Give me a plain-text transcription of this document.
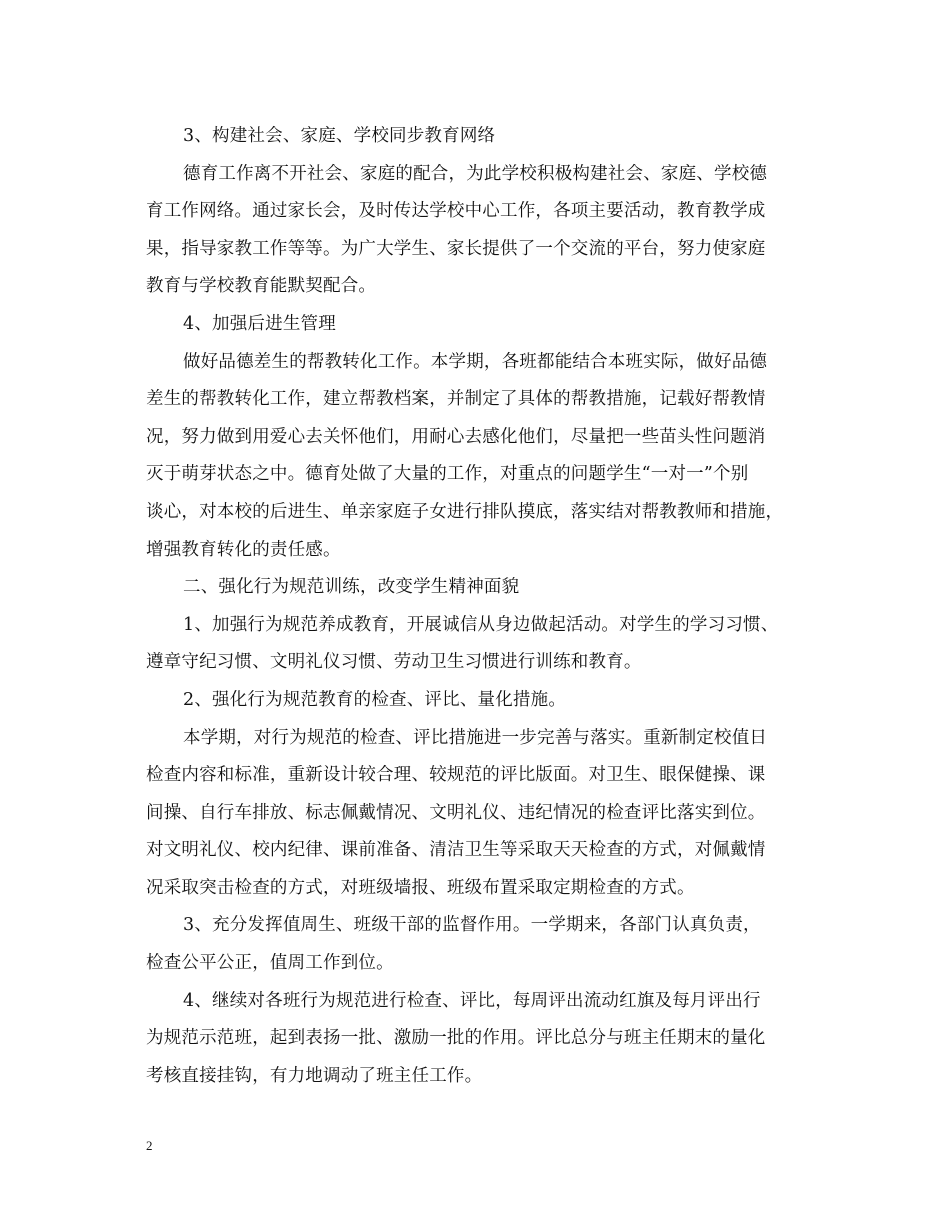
3、构建社会、家庭、学校同步教育网络
德育工作离不开社会、家庭的配合，为此学校积极构建社会、家庭、学校德
育工作网络。通过家长会，及时传达学校中心工作，各项主要活动，教育教学成
果，指导家教工作等等。为广大学生、家长提供了一个交流的平台，努力使家庭
教育与学校教育能默契配合。
4、加强后进生管理
做好品德差生的帮教转化工作。本学期，各班都能结合本班实际，做好品德
差生的帮教转化工作，建立帮教档案，并制定了具体的帮教措施，记载好帮教情
况，努力做到用爱心去关怀他们，用耐心去感化他们，尽量把一些苗头性问题消
灭于萌芽状态之中。德育处做了大量的工作，对重点的问题学生“一对一”个别
谈心，对本校的后进生、单亲家庭子女进行排队摸底，落实结对帮教教师和措施，
增强教育转化的责任感。
二、强化行为规范训练，改变学生精神面貌
1、加强行为规范养成教育，开展诚信从身边做起活动。对学生的学习习惯、
遵章守纪习惯、文明礼仪习惯、劳动卫生习惯进行训练和教育。
2、强化行为规范教育的检查、评比、量化措施。
本学期，对行为规范的检查、评比措施进一步完善与落实。重新制定校值日
检查内容和标准，重新设计较合理、较规范的评比版面。对卫生、眼保健操、课
间操、自行车排放、标志佩戴情况、文明礼仪、违纪情况的检查评比落实到位。
对文明礼仪、校内纪律、课前准备、清洁卫生等采取天天检查的方式，对佩戴情
况采取突击检查的方式，对班级墙报、班级布置采取定期检查的方式。
3、充分发挥值周生、班级干部的监督作用。一学期来，各部门认真负责，
检查公平公正，值周工作到位。
4、继续对各班行为规范进行检查、评比，每周评出流动红旗及每月评出行
为规范示范班，起到表扬一批、激励一批的作用。评比总分与班主任期末的量化
考核直接挂钩，有力地调动了班主任工作。
2
